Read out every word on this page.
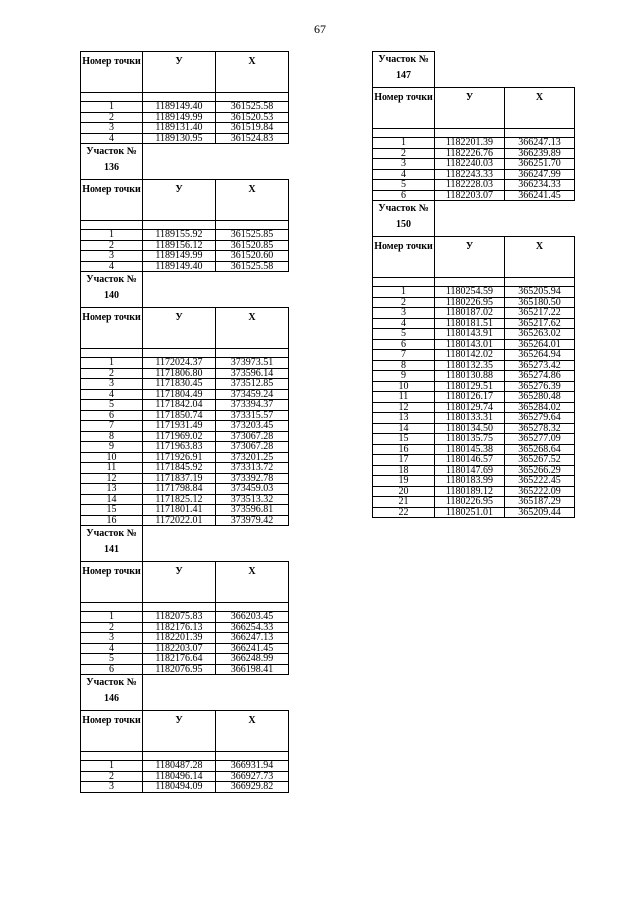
67
Номер точки	У	Х

1	1189149.40	361525.58
2	1189149.99	361520.53
3	1189131.40	361519.84
4	1189130.95	361524.83
Участок № 136		
Номер точки	У	Х

1	1189155.92	361525.85
2	1189156.12	361520.85
3	1189149.99	361520.60
4	1189149.40	361525.58
Участок № 140		
Номер точки	У	Х

1	1172024.37	373973.51
2	1171806.80	373596.14
3	1171830.45	373512.85
4	1171804.49	373459.24
5	1171842.04	373394.37
6	1171850.74	373315.57
7	1171931.49	373203.45
8	1171969.02	373067.28
9	1171963.83	373067.28
10	1171926.91	373201.25
11	1171845.92	373313.72
12	1171837.19	373392.78
13	1171798.84	373459.03
14	1171825.12	373513.32
15	1171801.41	373596.81
16	1172022.01	373979.42
Участок № 141		
Номер точки	У	Х

1	1182075.83	366203.45
2	1182176.13	366254.33
3	1182201.39	366247.13
4	1182203.07	366241.45
5	1182176.64	366248.99
6	1182076.95	366198.41
Участок № 146		
Номер точки	У	Х

1	1180487.28	366931.94
2	1180496.14	366927.73
3	1180494.09	366929.82
Участок № 147		
Номер точки	У	Х

1	1182201.39	366247.13
2	1182226.76	366239.89
3	1182240.03	366251.70
4	1182243.33	366247.99
5	1182228.03	366234.33
6	1182203.07	366241.45
Участок № 150		
Номер точки	У	Х

1	1180254.59	365205.94
2	1180226.95	365180.50
3	1180187.02	365217.22
4	1180181.51	365217.62
5	1180143.91	365263.02
6	1180143.01	365264.01
7	1180142.02	365264.94
8	1180132.35	365273.42
9	1180130.88	365274.86
10	1180129.51	365276.39
11	1180126.17	365280.48
12	1180129.74	365284.02
13	1180133.31	365279.64
14	1180134.50	365278.32
15	1180135.75	365277.09
16	1180145.38	365268.64
17	1180146.57	365267.52
18	1180147.69	365266.29
19	1180183.99	365222.45
20	1180189.12	365222.09
21	1180226.95	365187.29
22	1180251.01	365209.44
